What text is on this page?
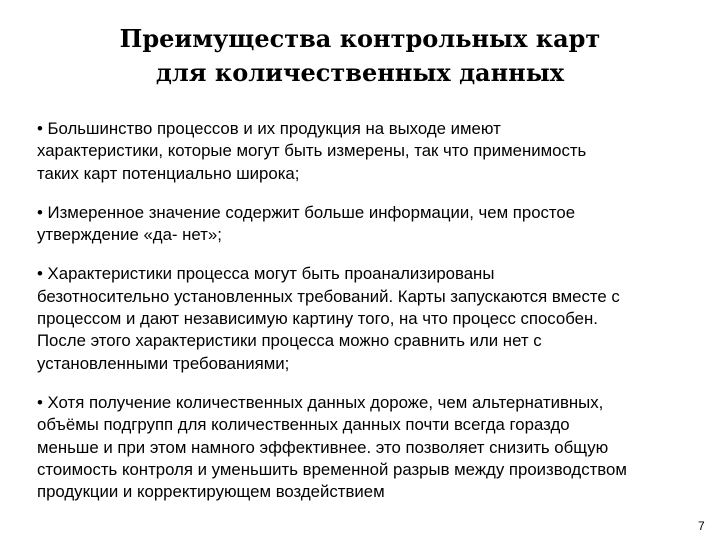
Преимущества контрольных карт
для количественных данных

• Большинство процессов и их продукция на выходе имеют
характеристики, которые могут быть измерены, так что применимость
таких карт потенциально широка;

• Измеренное значение содержит больше информации, чем простое
утверждение «да- нет»;

• Характеристики процесса могут быть проанализированы
безотносительно установленных требований. Карты запускаются вместе с
процессом и дают независимую картину того, на что процесс способен.
После этого характеристики процесса можно сравнить или нет с
установленными требованиями;

• Хотя получение количественных данных дороже, чем альтернативных,
объёмы подгрупп для количественных данных почти всегда гораздо
меньше и при этом намного эффективнее. это позволяет снизить общую
стоимость контроля и уменьшить временной разрыв между производством
продукции и корректирующем воздействием

7
